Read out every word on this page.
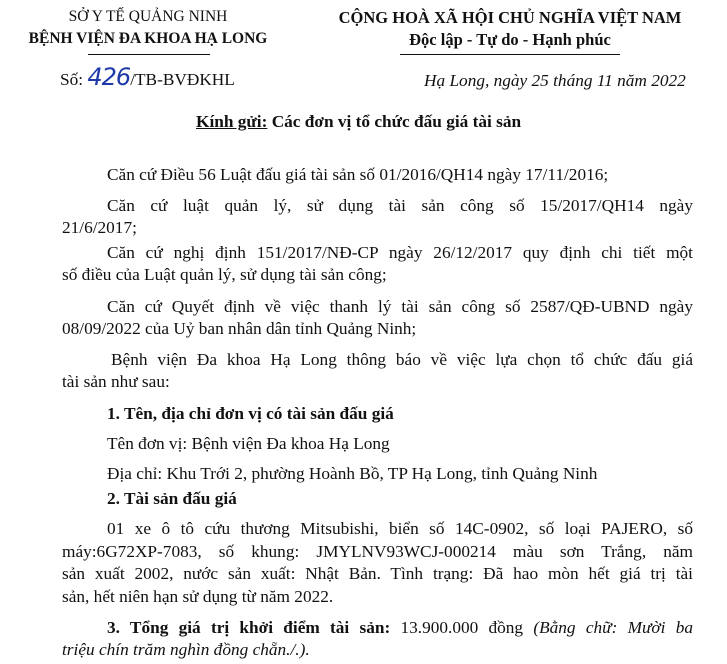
SỞ Y TẾ QUẢNG NINH
BỆNH VIỆN ĐA KHOA HẠ LONG
CỘNG HOÀ XÃ HỘI CHỦ NGHĨA VIỆT NAM
Độc lập - Tự do - Hạnh phúc
Số: 426/TB-BVĐKHL	Hạ Long, ngày 25 tháng 11 năm 2022
Kính gửi: Các đơn vị tổ chức đấu giá tài sản
Căn cứ Điều 56 Luật đấu giá tài sản số 01/2016/QH14 ngày 17/11/2016;
Căn cứ luật quản lý, sử dụng tài sản công số 15/2017/QH14 ngày
21/6/2017;
Căn cứ nghị định 151/2017/NĐ-CP ngày 26/12/2017 quy định chi tiết một
số điều của Luật quản lý, sử dụng tài sản công;
Căn cứ Quyết định về việc thanh lý tài sản công số 2587/QĐ-UBND ngày
08/09/2022 của Uỷ ban nhân dân tỉnh Quảng Ninh;
Bệnh viện Đa khoa Hạ Long thông báo về việc lựa chọn tổ chức đấu giá
tài sản như sau:
1. Tên, địa chỉ đơn vị có tài sản đấu giá
Tên đơn vị: Bệnh viện Đa khoa Hạ Long
Địa chỉ: Khu Trới 2, phường Hoành Bồ, TP Hạ Long, tỉnh Quảng Ninh
2. Tài sản đấu giá
01 xe ô tô cứu thương Mitsubishi, biển số 14C-0902, số loại PAJERO, số
máy:6G72XP-7083, số khung: JMYLNV93WCJ-000214 màu sơn Trắng, năm
sản xuất 2002, nước sản xuất: Nhật Bản. Tình trạng: Đã hao mòn hết giá trị tài
sản, hết niên hạn sử dụng từ năm 2022.
3. Tổng giá trị khởi điểm tài sản: 13.900.000 đồng (Bằng chữ: Mười ba
triệu chín trăm nghìn đồng chẵn./.).
